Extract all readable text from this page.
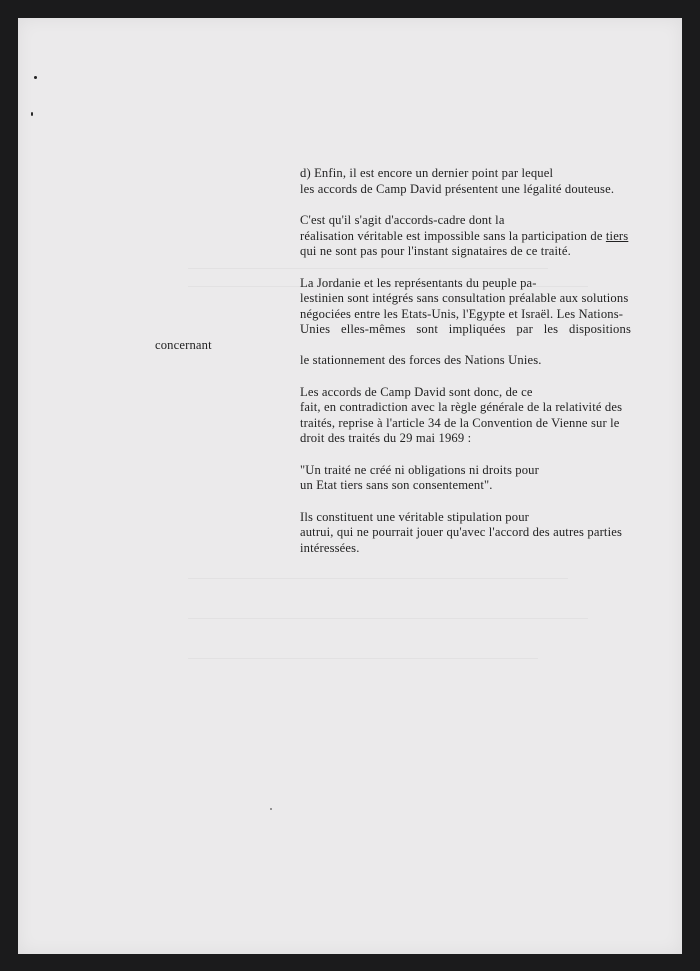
d) Enfin, il est encore un dernier point par lequel
les accords de Camp David présentent une légalité douteuse.

C'est qu'il s'agit d'accords-cadre dont la
réalisation véritable est impossible sans la participation de tiers
qui ne sont pas pour l'instant signataires de ce traité.

La Jordanie et les représentants du peuple pa-
lestinien sont intégrés sans consultation préalable aux solutions
négociées entre les Etats-Unis, l'Egypte et Israël. Les Nations-
Unies elles-mêmes sont impliquées par les dispositions concernant
le stationnement des forces des Nations Unies.

Les accords de Camp David sont donc, de ce
fait, en contradiction avec la règle générale de la relativité des
traités, reprise à l'article 34 de la Convention de Vienne sur le
droit des traités du 29 mai 1969 :

"Un traité ne créé ni obligations ni droits pour
un Etat tiers sans son consentement".

Ils constituent une véritable stipulation pour
autrui, qui ne pourrait jouer qu'avec l'accord des autres parties
intéressées.
